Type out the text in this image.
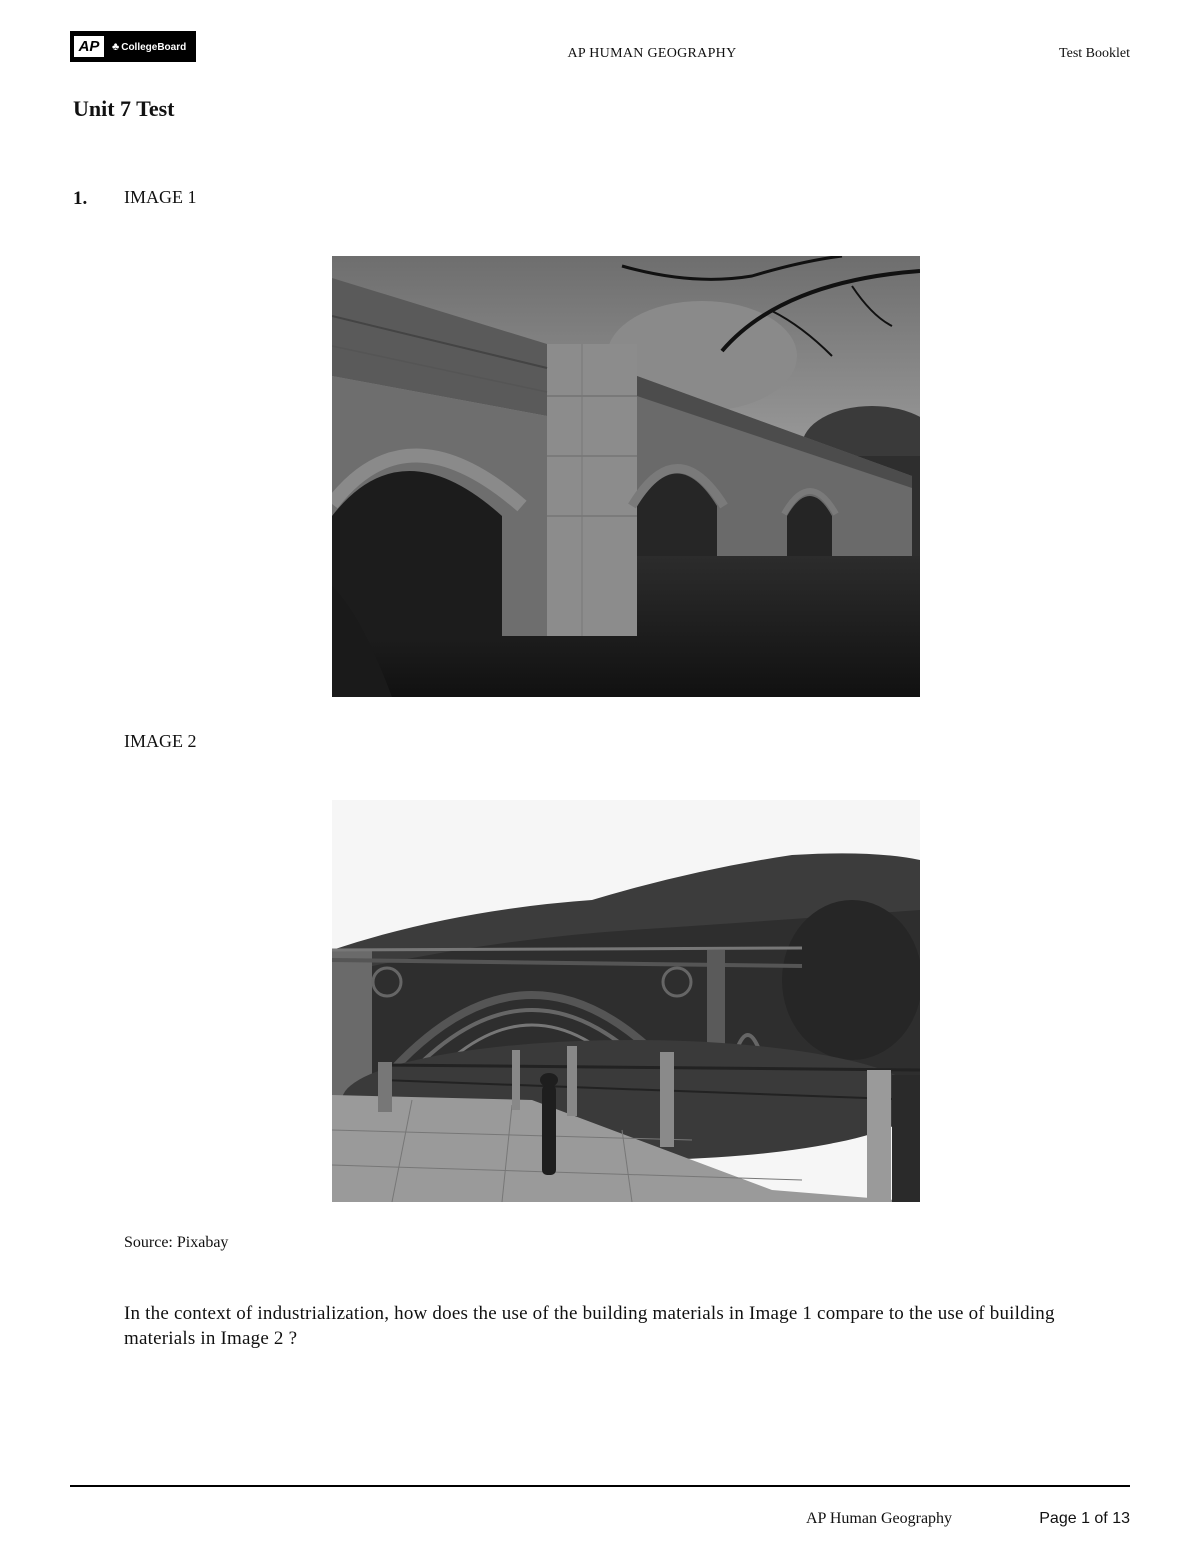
AP	♣ CollegeBoard	AP HUMAN GEOGRAPHY	Test Booklet
Unit 7 Test
1. IMAGE 1
IMAGE 2
Source: Pixabay
In the context of industrialization, how does the use of the building materials in Image 1 compare to the use of building materials in Image 2 ?
AP Human Geography	Page 1 of 13
